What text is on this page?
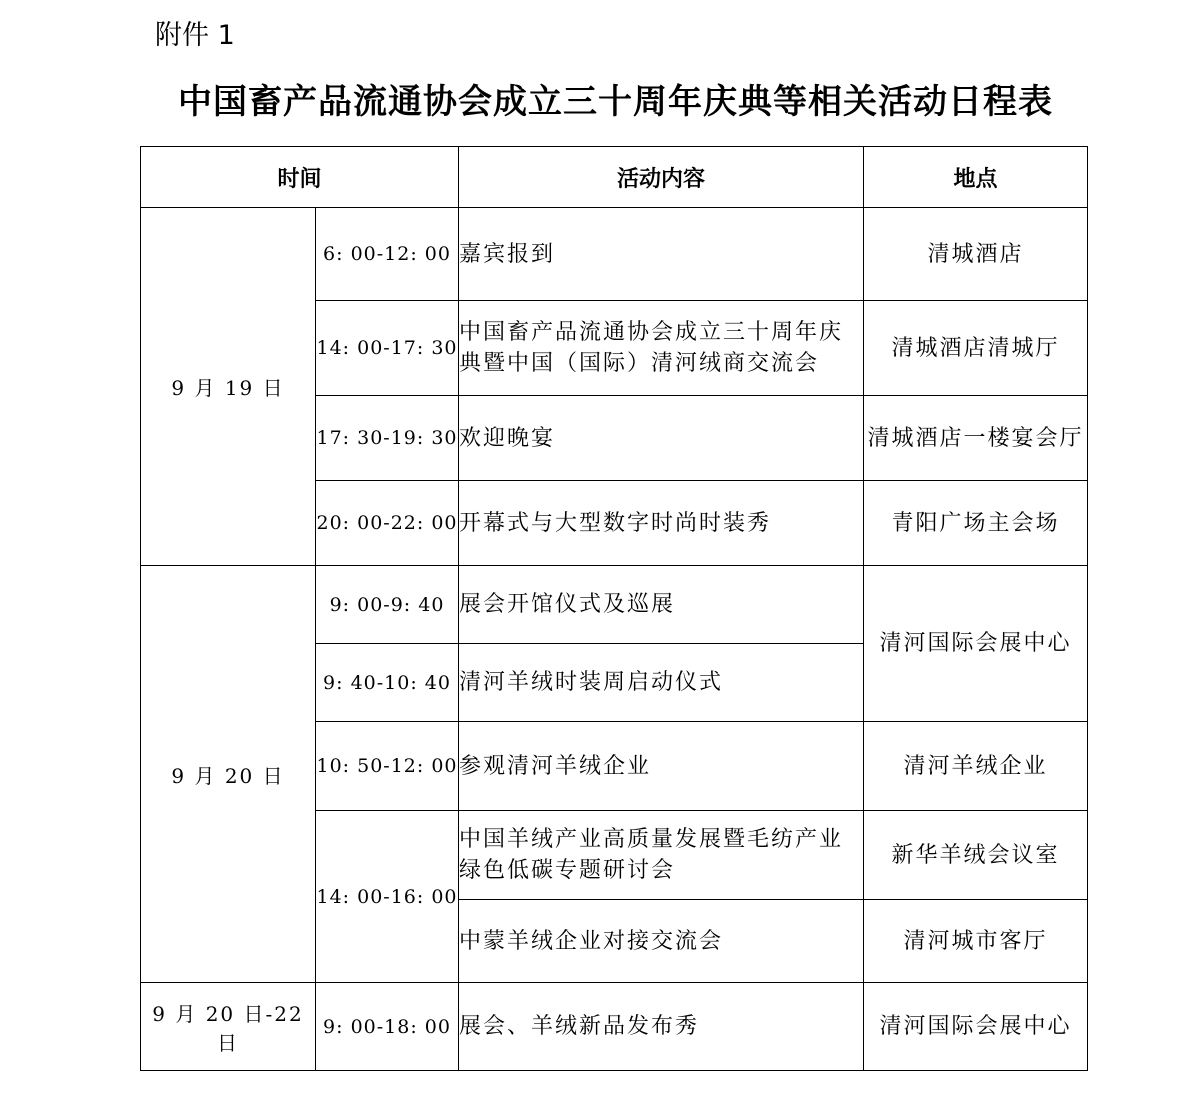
附件 1
中国畜产品流通协会成立三十周年庆典等相关活动日程表
时间		活动内容	地点
9 月 19 日	6: 00-12: 00	嘉宾报到	清城酒店
	14: 00-17: 30	中国畜产品流通协会成立三十周年庆典暨中国（国际）清河绒商交流会	清城酒店清城厅
	17: 30-19: 30	欢迎晚宴	清城酒店一楼宴会厅
	20: 00-22: 00	开幕式与大型数字时尚时装秀	青阳广场主会场
9 月 20 日	9: 00-9: 40	展会开馆仪式及巡展	清河国际会展中心
	9: 40-10: 40	清河羊绒时装周启动仪式	
	10: 50-12: 00	参观清河羊绒企业	清河羊绒企业
	14: 00-16: 00	中国羊绒产业高质量发展暨毛纺产业绿色低碳专题研讨会	新华羊绒会议室
		中蒙羊绒企业对接交流会	清河城市客厅
9 月 20 日-22 日	9: 00-18: 00	展会、羊绒新品发布秀	清河国际会展中心
